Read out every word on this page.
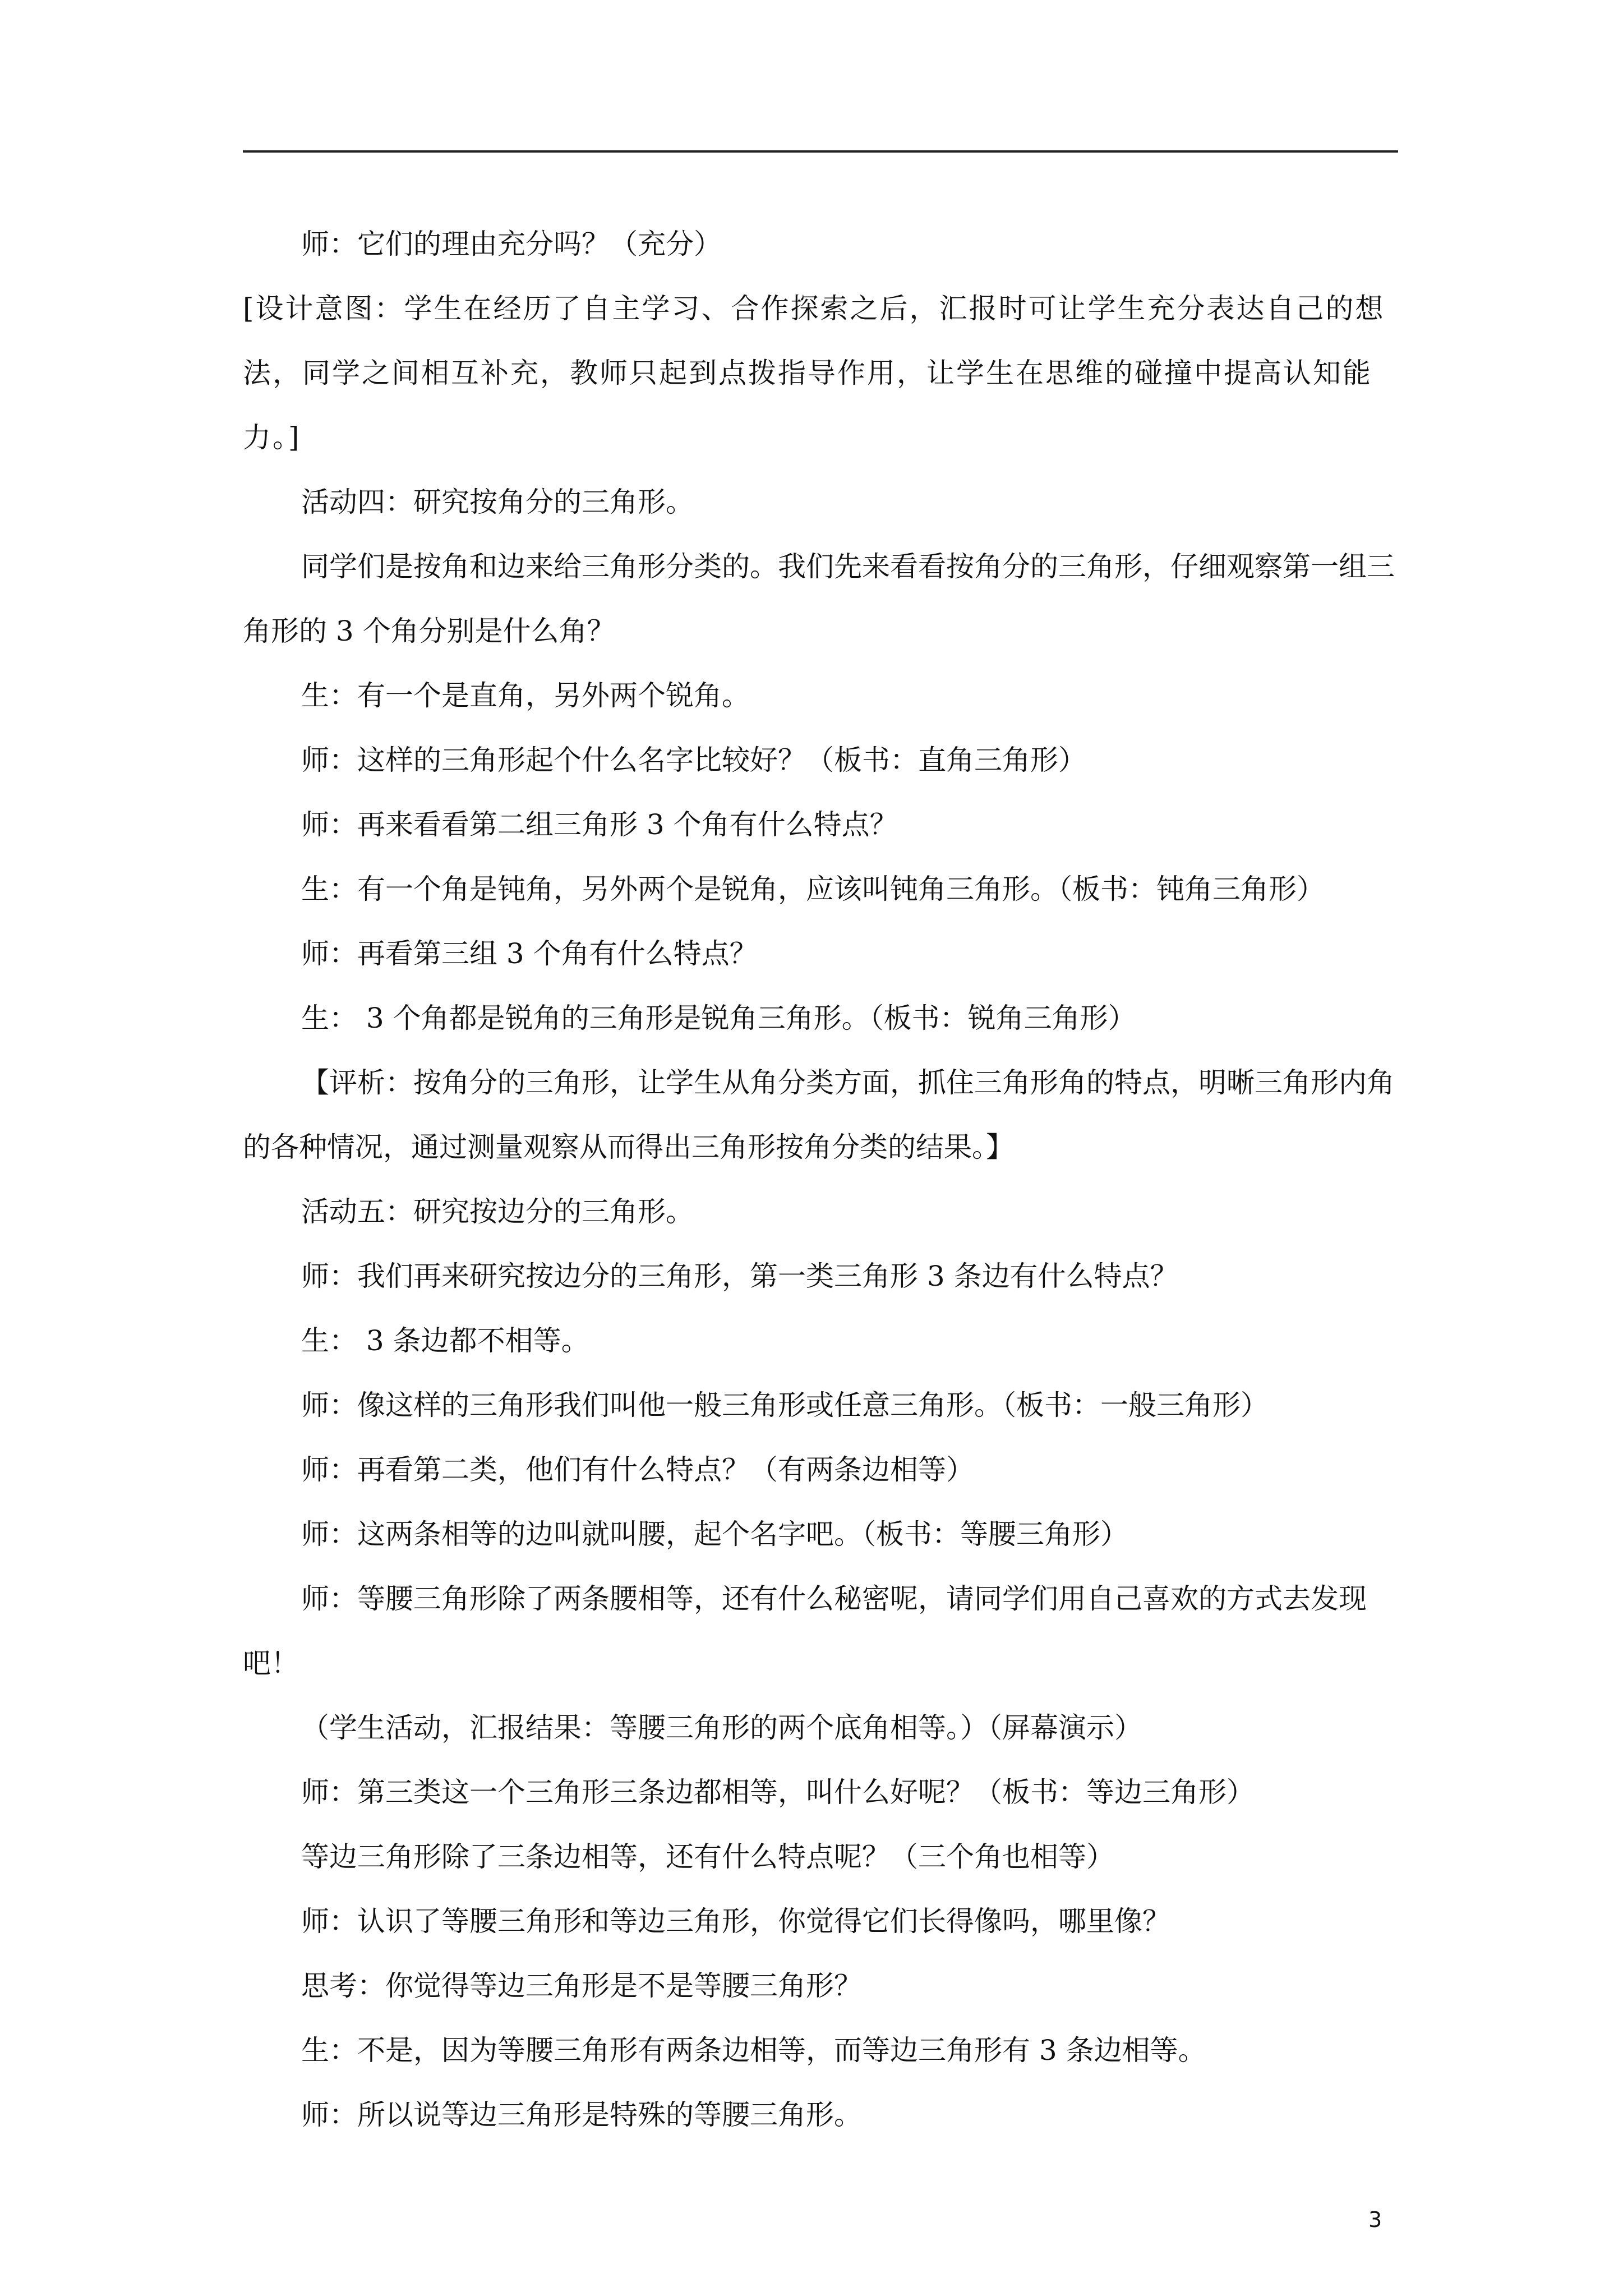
师：它们的理由充分吗？（充分）

[设计意图：学生在经历了自主学习、合作探索之后，汇报时可让学生充分表达自己的想法，同学之间相互补充，教师只起到点拨指导作用，让学生在思维的碰撞中提高认知能力。]

活动四：研究按角分的三角形。

同学们是按角和边来给三角形分类的。我们先来看看按角分的三角形，仔细观察第一组三角形的 3 个角分别是什么角？

生：有一个是直角，另外两个锐角。

师：这样的三角形起个什么名字比较好？（板书：直角三角形）

师：再来看看第二组三角形 3 个角有什么特点？

生：有一个角是钝角，另外两个是锐角，应该叫钝角三角形。（板书：钝角三角形）

师：再看第三组 3 个角有什么特点？

生： 3 个角都是锐角的三角形是锐角三角形。（板书：锐角三角形）

【评析：按角分的三角形，让学生从角分类方面，抓住三角形角的特点，明晰三角形内角的各种情况，通过测量观察从而得出三角形按角分类的结果。】

活动五：研究按边分的三角形。

师：我们再来研究按边分的三角形，第一类三角形 3 条边有什么特点？

生： 3 条边都不相等。

师：像这样的三角形我们叫他一般三角形或任意三角形。（板书：一般三角形）

师：再看第二类，他们有什么特点？（有两条边相等）

师：这两条相等的边叫就叫腰，起个名字吧。（板书：等腰三角形）

师：等腰三角形除了两条腰相等，还有什么秘密呢，请同学们用自己喜欢的方式去发现吧！

（学生活动，汇报结果：等腰三角形的两个底角相等。）（屏幕演示）

师：第三类这一个三角形三条边都相等，叫什么好呢？（板书：等边三角形）

等边三角形除了三条边相等，还有什么特点呢？（三个角也相等）

师：认识了等腰三角形和等边三角形，你觉得它们长得像吗，哪里像？

思考：你觉得等边三角形是不是等腰三角形？

生：不是，因为等腰三角形有两条边相等，而等边三角形有 3 条边相等。

师：所以说等边三角形是特殊的等腰三角形。

3
